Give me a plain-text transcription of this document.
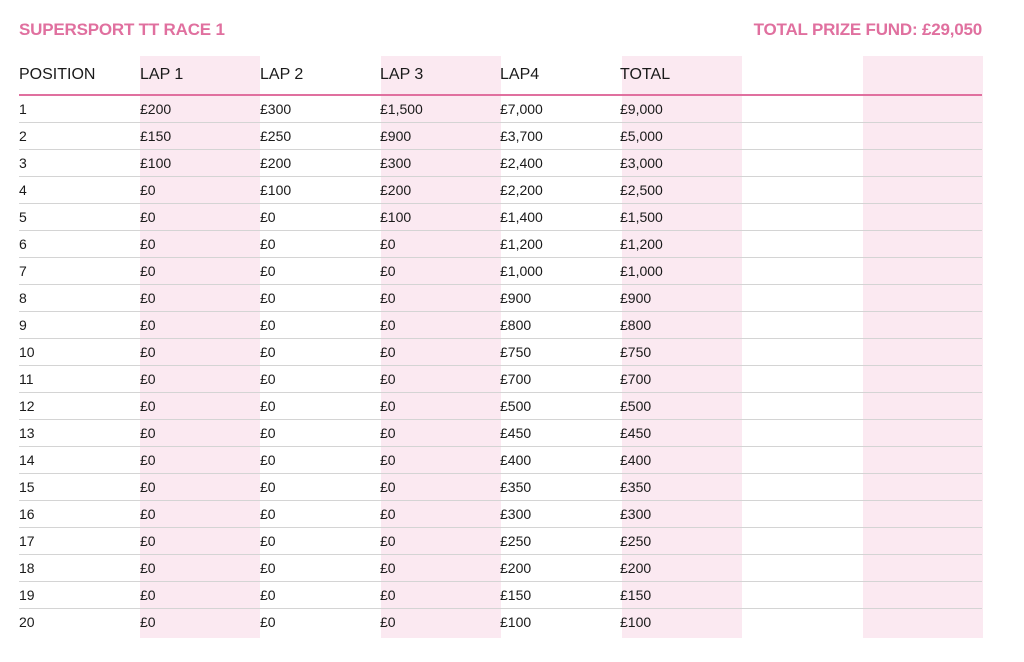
SUPERSPORT TT RACE 1	TOTAL PRIZE FUND: £29,050
POSITION	LAP 1	LAP 2	LAP 3	LAP4	TOTAL		
1	£200	£300	£1,500	£7,000	£9,000		
2	£150	£250	£900	£3,700	£5,000		
3	£100	£200	£300	£2,400	£3,000		
4	£0	£100	£200	£2,200	£2,500		
5	£0	£0	£100	£1,400	£1,500		
6	£0	£0	£0	£1,200	£1,200		
7	£0	£0	£0	£1,000	£1,000		
8	£0	£0	£0	£900	£900		
9	£0	£0	£0	£800	£800		
10	£0	£0	£0	£750	£750		
11	£0	£0	£0	£700	£700		
12	£0	£0	£0	£500	£500		
13	£0	£0	£0	£450	£450		
14	£0	£0	£0	£400	£400		
15	£0	£0	£0	£350	£350		
16	£0	£0	£0	£300	£300		
17	£0	£0	£0	£250	£250		
18	£0	£0	£0	£200	£200		
19	£0	£0	£0	£150	£150		
20	£0	£0	£0	£100	£100		
